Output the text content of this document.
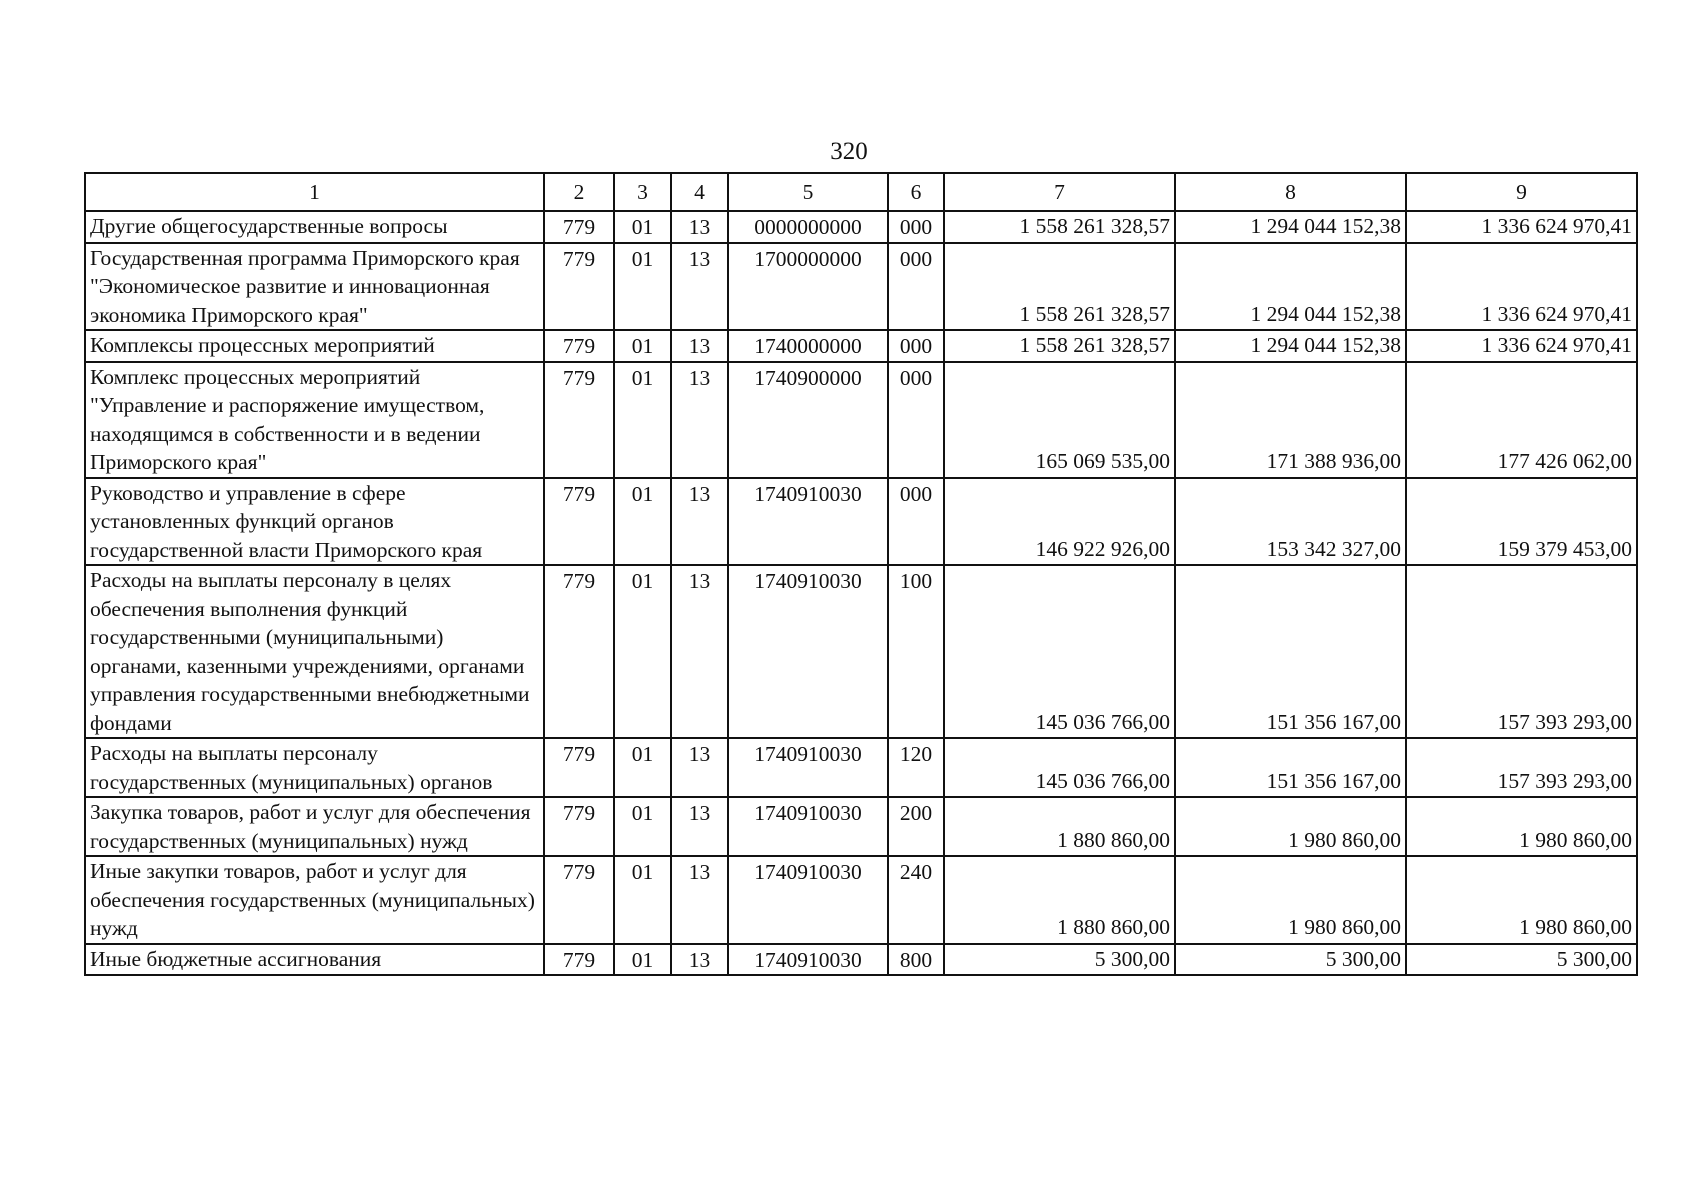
320
1	2	3	4	5	6	7	8	9
Другие общегосударственные вопросы	779	01	13	0000000000	000	1 558 261 328,57	1 294 044 152,38	1 336 624 970,41
Государственная программа Приморского края "Экономическое развитие и инновационная экономика Приморского края"	779	01	13	1700000000	000	1 558 261 328,57	1 294 044 152,38	1 336 624 970,41
Комплексы процессных мероприятий	779	01	13	1740000000	000	1 558 261 328,57	1 294 044 152,38	1 336 624 970,41
Комплекс процессных мероприятий "Управление и распоряжение имуществом, находящимся в собственности и в ведении Приморского края"	779	01	13	1740900000	000	165 069 535,00	171 388 936,00	177 426 062,00
Руководство и управление в сфере установленных функций органов государственной власти Приморского края	779	01	13	1740910030	000	146 922 926,00	153 342 327,00	159 379 453,00
Расходы на выплаты персоналу в целях обеспечения выполнения функций государственными (муниципальными) органами, казенными учреждениями, органами управления государственными внебюджетными фондами	779	01	13	1740910030	100	145 036 766,00	151 356 167,00	157 393 293,00
Расходы на выплаты персоналу государственных (муниципальных) органов	779	01	13	1740910030	120	145 036 766,00	151 356 167,00	157 393 293,00
Закупка товаров, работ и услуг для обеспечения государственных (муниципальных) нужд	779	01	13	1740910030	200	1 880 860,00	1 980 860,00	1 980 860,00
Иные закупки товаров, работ и услуг для обеспечения государственных (муниципальных) нужд	779	01	13	1740910030	240	1 880 860,00	1 980 860,00	1 980 860,00
Иные бюджетные ассигнования	779	01	13	1740910030	800	5 300,00	5 300,00	5 300,00
